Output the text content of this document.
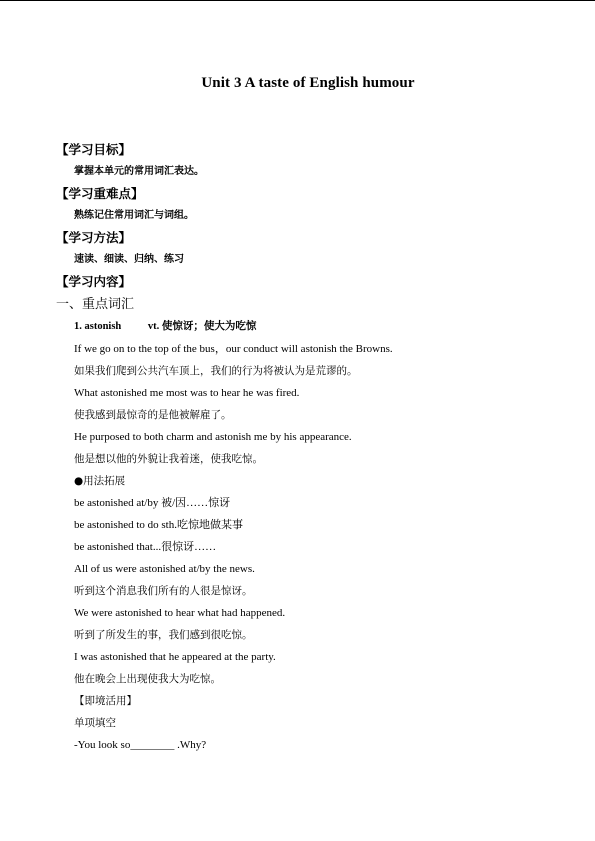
Unit 3 A taste of English humour
【学习目标】
掌握本单元的常用词汇表达。
【学习重难点】
熟练记住常用词汇与词组。
【学习方法】
速读、细读、归纳、练习
【学习内容】
一、重点词汇
1. astonish	vt. 使惊讶；使大为吃惊
If we go on to the top of the bus，our conduct will astonish the Browns.
如果我们爬到公共汽车顶上，我们的行为将被认为是荒谬的。
What astonished me most was to hear he was fired.
使我感到最惊奇的是他被解雇了。
He purposed to both charm and astonish me by his appearance.
他是想以他的外貌让我着迷，使我吃惊。
●用法拓展
be astonished at/by 被/因……惊讶
be astonished to do sth.吃惊地做某事
be astonished that...很惊讶……
All of us were astonished at/by the news.
听到这个消息我们所有的人很是惊讶。
We were astonished to hear what had happened.
听到了所发生的事，我们感到很吃惊。
I was astonished that he appeared at the party.
他在晚会上出现使我大为吃惊。
【即境活用】
单项填空
-You look so________ .Why?
